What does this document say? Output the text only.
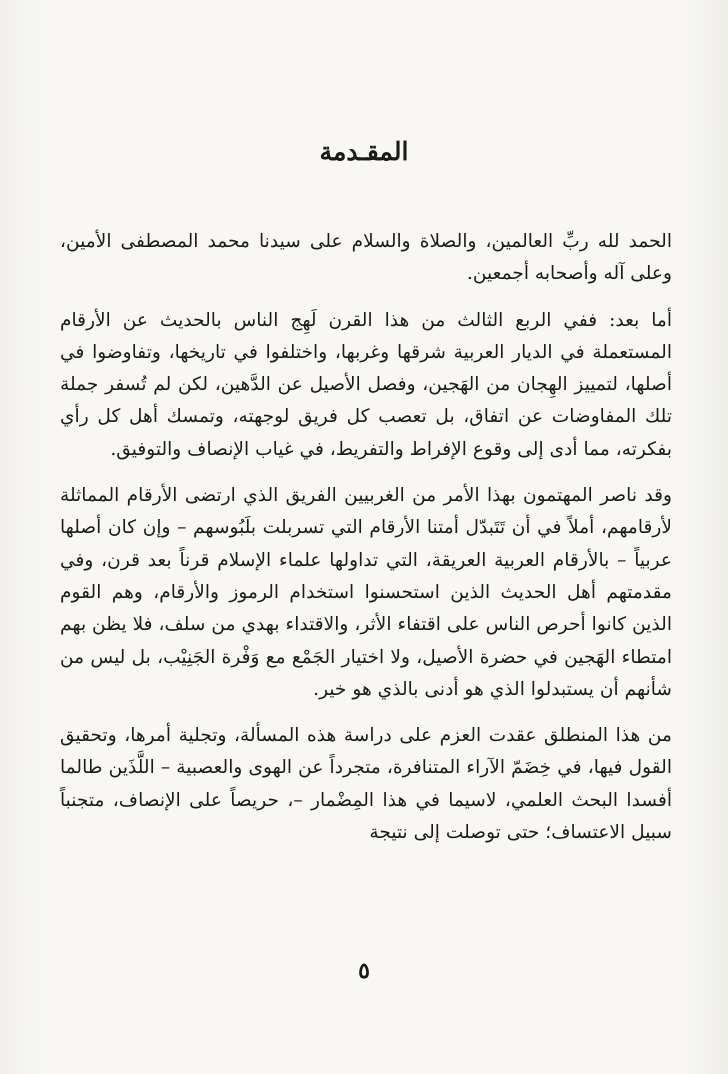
المقـدمة

الحمد لله ربِّ العالمين، والصلاة والسلام على سيدنا محمد المصطفى الأمين، وعلى آله وأصحابه أجمعين.

أما بعد: ففي الربع الثالث من هذا القرن لَهِج الناس بالحديث عن الأرقام المستعملة في الديار العربية شرقها وغربها، واختلفوا في تاريخها، وتفاوضوا في أصلها، لتمييز الهِجان من الهَجين، وفصل الأصيل عن الدَّهين، لكن لم تُسفر جملة تلك المفاوضات عن اتفاق، بل تعصب كل فريق لوجهته، وتمسك أهل كل رأي بفكرته، مما أدى إلى وقوع الإفراط والتفريط، في غياب الإنصاف والتوفيق.

وقد ناصر المهتمون بهذا الأمر من الغربيين الفريق الذي ارتضى الأرقام المماثلة لأرقامهم، أملاً في أن تَتَبدّل أمتنا الأرقام التي تسربلت بلَبُوسهم – وإن كان أصلها عربياً – بالأرقام العربية العريقة، التي تداولها علماء الإسلام قرناً بعد قرن، وفي مقدمتهم أهل الحديث الذين استحسنوا استخدام الرموز والأرقام، وهم القوم الذين كانوا أحرص الناس على اقتفاء الأثر، والاقتداء بهدي من سلف، فلا يظن بهم امتطاء الهَجين في حضرة الأصيل، ولا اختيار الجَمْع مع وَفْرة الجَنِيْب، بل ليس من شأنهم أن يستبدلوا الذي هو أدنى بالذي هو خير.

من هذا المنطلق عقدت العزم على دراسة هذه المسألة، وتجلية أمرها، وتحقيق القول فيها، في خِضَمّ الآراء المتنافرة، متجرداً عن الهوى والعصبية – اللَّذَين طالما أفسدا البحث العلمي، لاسيما في هذا المِضْمار –، حريصاً على الإنصاف، متجنباً سبيل الاعتساف؛ حتى توصلت إلى نتيجة

٥
